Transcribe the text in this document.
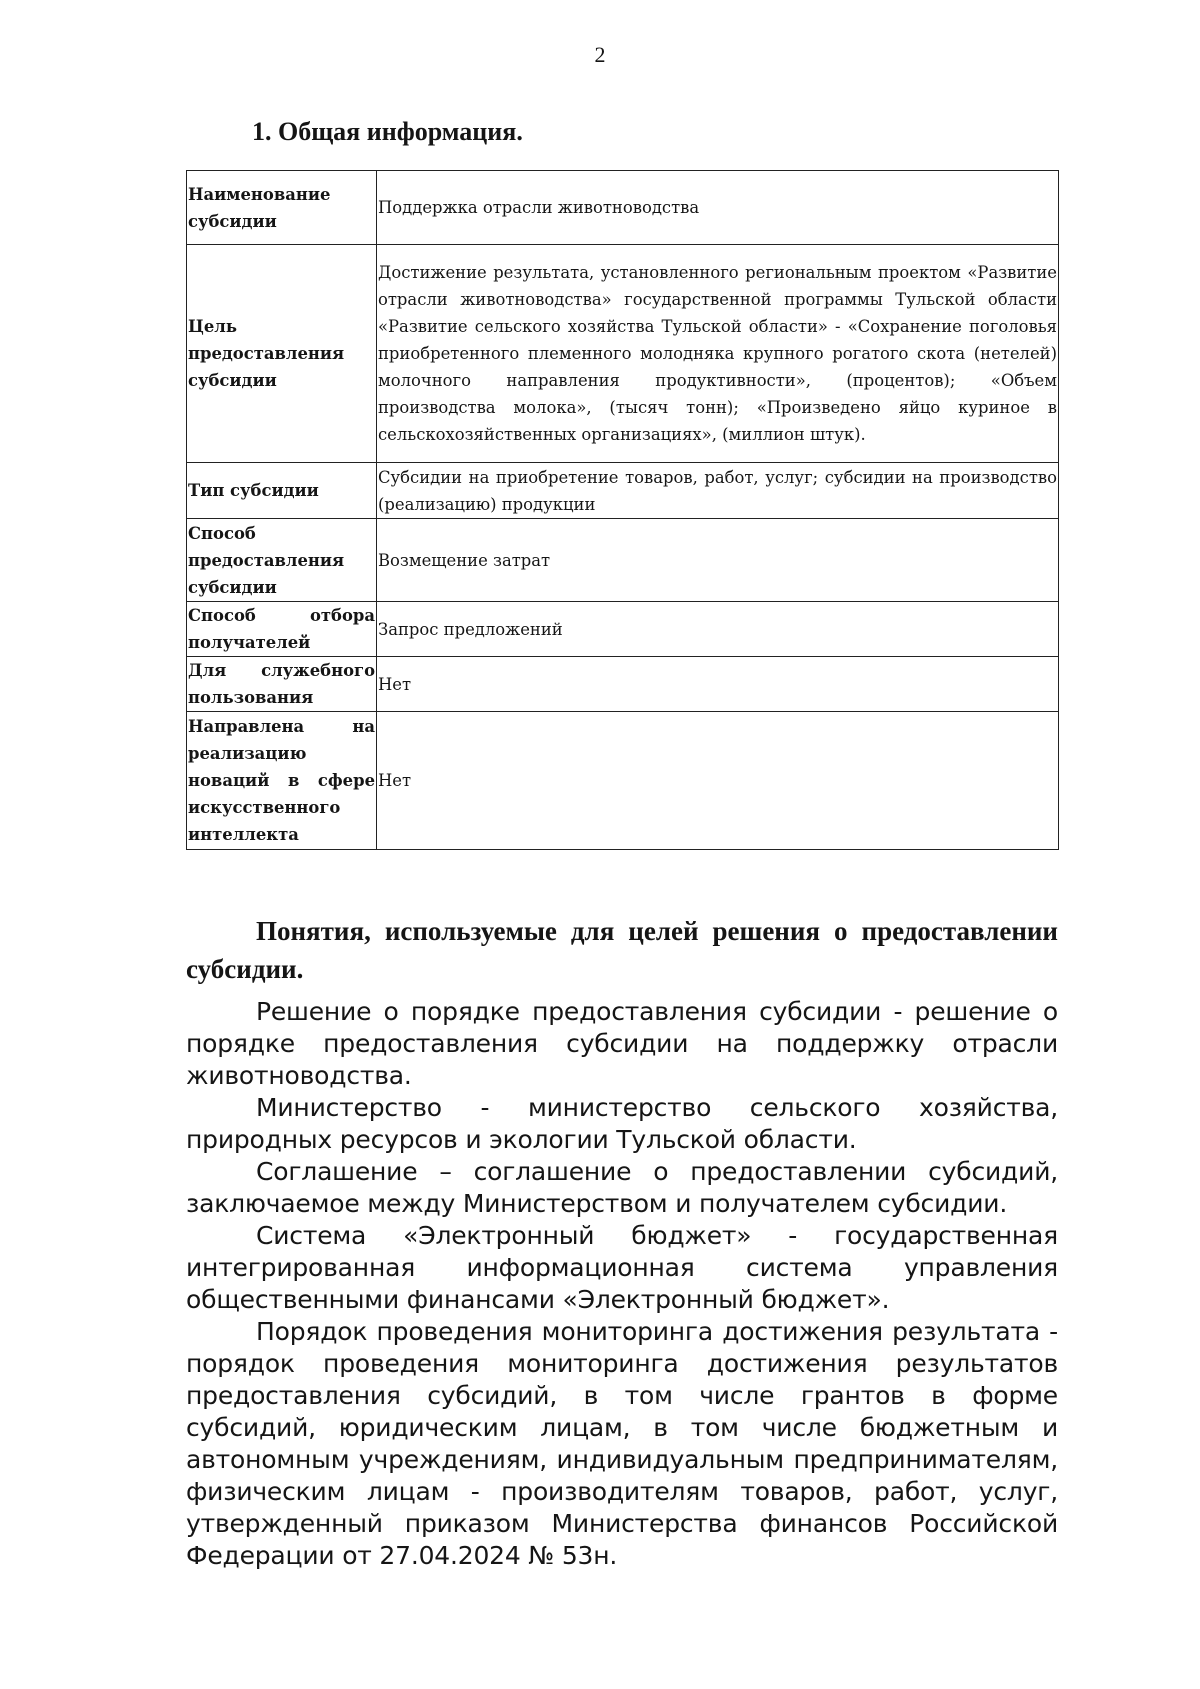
2
1. Общая информация.
Наименование субсидии	Поддержка отрасли животноводства
Цель предоставления субсидии	Достижение результата, установленного региональным проектом «Развитие отрасли животноводства» государственной программы Тульской области «Развитие сельского хозяйства Тульской области» - «Сохранение поголовья приобретенного племенного молодняка крупного рогатого скота (нетелей) молочного направления продуктивности», (процентов); «Объем производства молока», (тысяч тонн); «Произведено яйцо куриное в сельскохозяйственных организациях», (миллион штук).
Тип субсидии	Субсидии на приобретение товаров, работ, услуг; субсидии на производство (реализацию) продукции
Способ предоставления субсидии	Возмещение затрат
Способ отбора получателей	Запрос предложений
Для служебного пользования	Нет
Направлена на реализацию новаций в сфере искусственного интеллекта	Нет
Понятия, используемые для целей решения о предоставлении субсидии.

Решение о порядке предоставления субсидии - решение о порядке предоставления субсидии на поддержку отрасли животноводства.

Министерство - министерство сельского хозяйства, природных ресурсов и экологии Тульской области.

Соглашение – соглашение о предоставлении субсидий, заключаемое между Министерством и получателем субсидии.

Система «Электронный бюджет» - государственная интегрированная информационная система управления общественными финансами «Электронный бюджет».

Порядок проведения мониторинга достижения результата - порядок проведения мониторинга достижения результатов предоставления субсидий, в том числе грантов в форме субсидий, юридическим лицам, в том числе бюджетным и автономным учреждениям, индивидуальным предпринимателям, физическим лицам - производителям товаров, работ, услуг, утвержденный приказом Министерства финансов Российской Федерации от 27.04.2024 № 53н.
